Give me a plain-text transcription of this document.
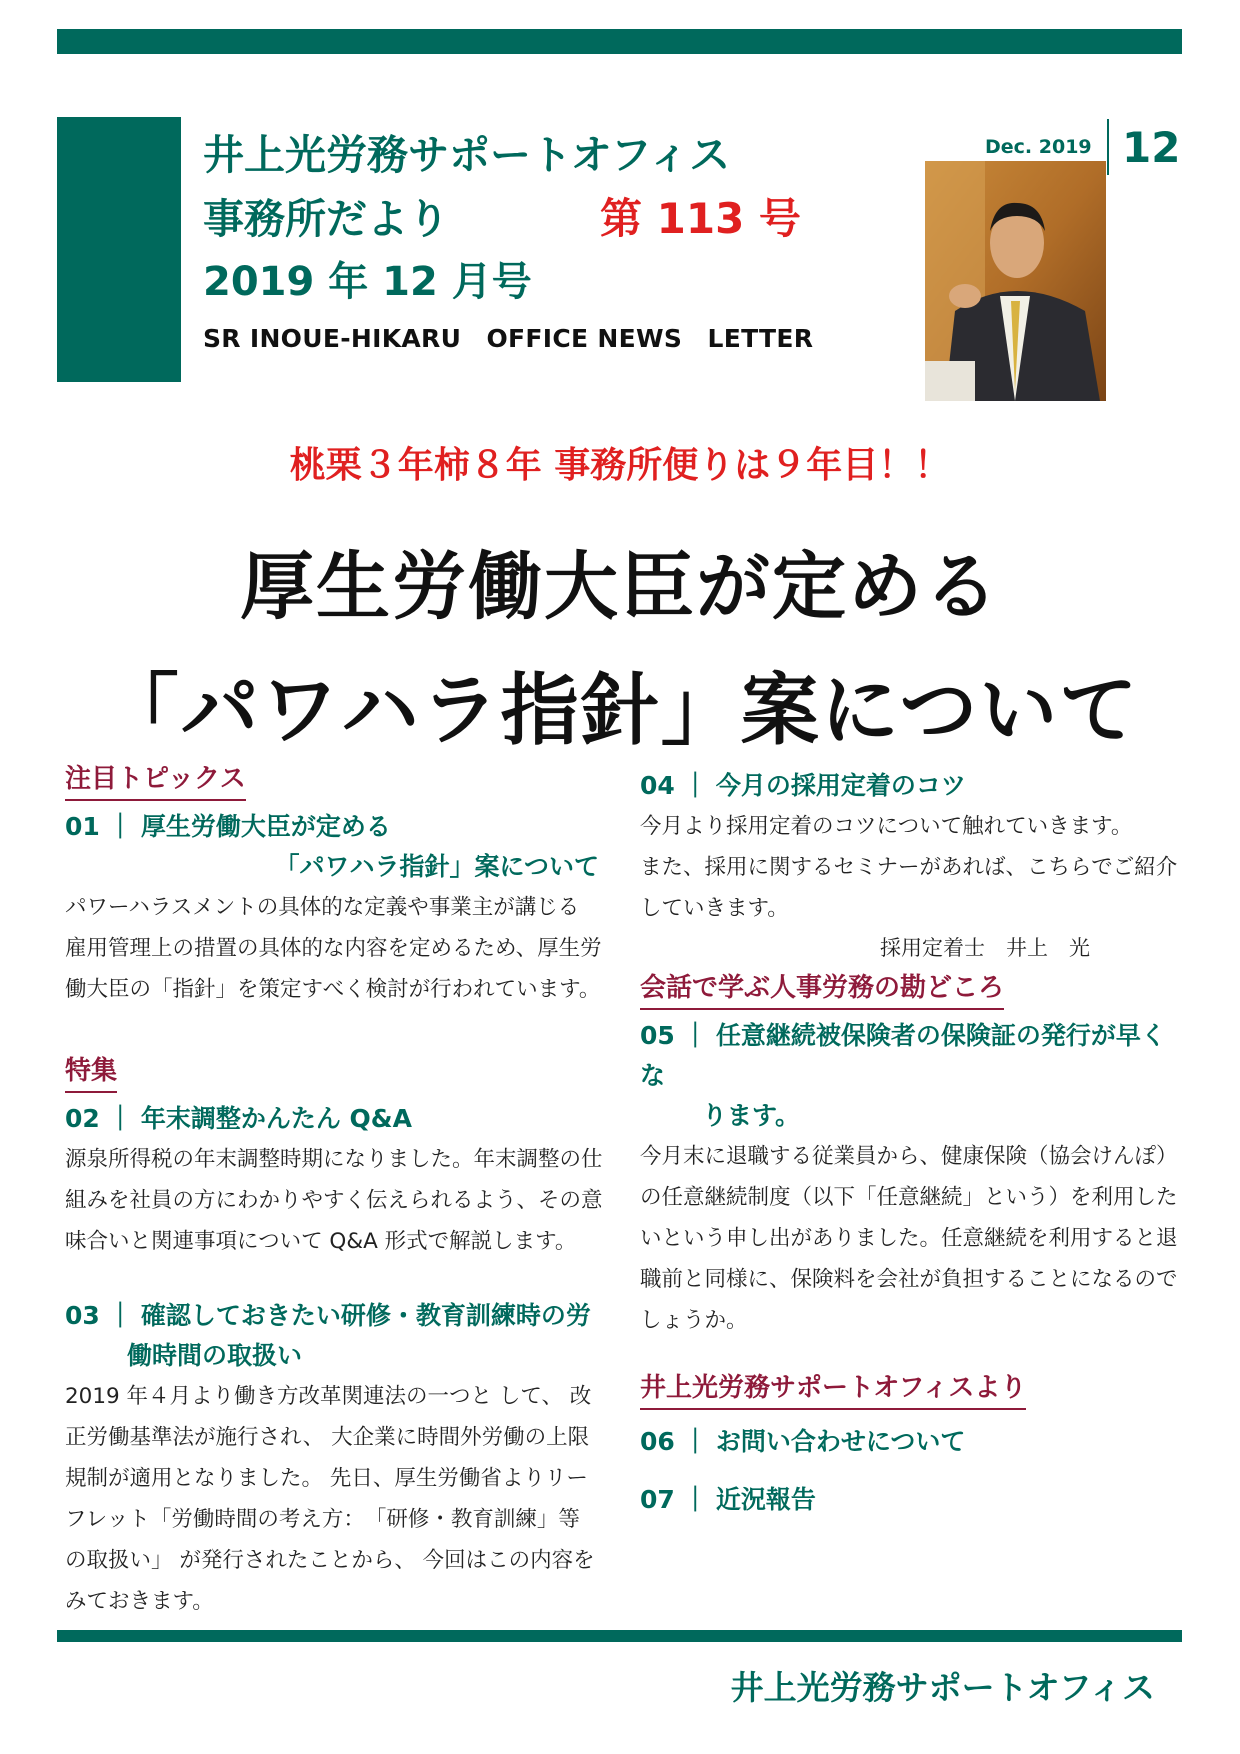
井上光労務サポートオフィス
事務所だより	第 113 号
2019 年 12 月号
SR INOUE-HIKARU　OFFICE NEWS　LETTER
Dec. 2019 12
桃栗３年柿８年 事務所便りは９年目！！
厚生労働大臣が定める
「パワハラ指針」案について
注目トピックス
01 ｜ 厚生労働大臣が定める
「パワハラ指針」案について
パワーハラスメントの具体的な定義や事業主が講じる
雇用管理上の措置の具体的な内容を定めるため、厚生労
働大臣の「指針」を策定すべく検討が行われています。
特集
02 ｜ 年末調整かんたん Q&A
源泉所得税の年末調整時期になりました。年末調整の仕
組みを社員の方にわかりやすく伝えられるよう、その意
味合いと関連事項について Q&A 形式で解説します。
03 ｜ 確認しておきたい研修・教育訓練時の労
働時間の取扱い
2019 年４月より働き方改革関連法の一つと して、 改
正労働基準法が施行され、 大企業に時間外労働の上限
規制が適用となりました。 先日、厚生労働省よりリー
フレット「労働時間の考え方：　「研修・教育訓練」等
の取扱い」 が発行されたことから、 今回はこの内容を
みておきます。
04 ｜ 今月の採用定着のコツ
今月より採用定着のコツについて触れていきます。
また、採用に関するセミナーがあれば、こちらでご紹介
していきます。
採用定着士　井上　光
会話で学ぶ人事労務の勘どころ
05 ｜ 任意継続被保険者の保険証の発行が早くな
ります。
今月末に退職する従業員から、健康保険（協会けんぽ）
の任意継続制度（以下「任意継続」という）を利用した
いという申し出がありました。任意継続を利用すると退
職前と同様に、保険料を会社が負担することになるので
しょうか。
井上光労務サポートオフィスより
06 ｜ お問い合わせについて
07 ｜ 近況報告
井上光労務サポートオフィス
